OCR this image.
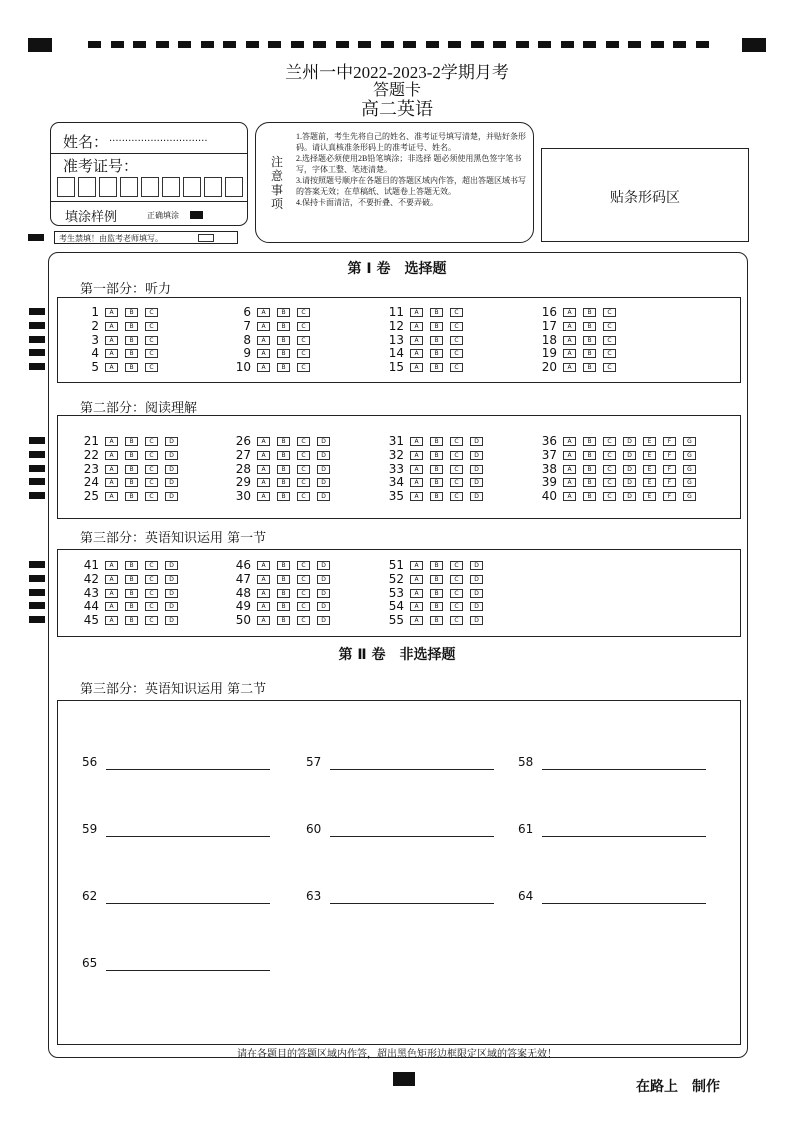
兰州一中2022-2023-2学期月考
答题卡
高二英语
姓名： ...............................
准考证号：
填涂样例	正确填涂
考生禁填！由监考老师填写。
注
意
事
项
1.答题前，考生先将自己的姓名、准考证号填写清楚，并贴好条形码。请认真核准条形码上的准考证号、姓名。
2.选择题必须使用2B铅笔填涂；非选择 题必须使用黑色签字笔书写，字体工整、笔迹清楚。
3.请按照题号顺序在各题目的答题区域内作答，超出答题区域书写的答案无效；在草稿纸、试题卷上答题无效。
4.保持卡面清洁，不要折叠、不要弄破。	贴条形码区
第 Ⅰ 卷　选择题
第一部分：听力
1 A	B	C
2 A	B	C
3 A	B	C
4 A	B	C
5 A	B	C
6 A	B	C
7 A	B	C
8 A	B	C
9 A	B	C
10 A	B	C
11 A	B	C
12 A	B	C
13 A	B	C
14 A	B	C
15 A	B	C
16 A	B	C
17 A	B	C
18 A	B	C
19 A	B	C
20 A	B	C
第二部分：阅读理解
21 A	B	C	D
22 A	B	C	D
23 A	B	C	D
24 A	B	C	D
25 A	B	C	D
26 A	B	C	D
27 A	B	C	D
28 A	B	C	D
29 A	B	C	D
30 A	B	C	D
31 A	B	C	D
32 A	B	C	D
33 A	B	C	D
34 A	B	C	D
35 A	B	C	D
36 A	B	C	D	E	F	G
37 A	B	C	D	E	F	G
38 A	B	C	D	E	F	G
39 A	B	C	D	E	F	G
40 A	B	C	D	E	F	G
第三部分：英语知识运用 第一节
41 A	B	C	D
42 A	B	C	D
43 A	B	C	D
44 A	B	C	D
45 A	B	C	D
46 A	B	C	D
47 A	B	C	D
48 A	B	C	D
49 A	B	C	D
50 A	B	C	D
51 A	B	C	D
52 A	B	C	D
53 A	B	C	D
54 A	B	C	D
55 A	B	C	D
第 Ⅱ 卷　非选择题
第三部分：英语知识运用 第二节
56	57	58
59	60	61
62	63	64
65
请在各题目的答题区域内作答，超出黑色矩形边框限定区域的答案无效！
在路上　制作
